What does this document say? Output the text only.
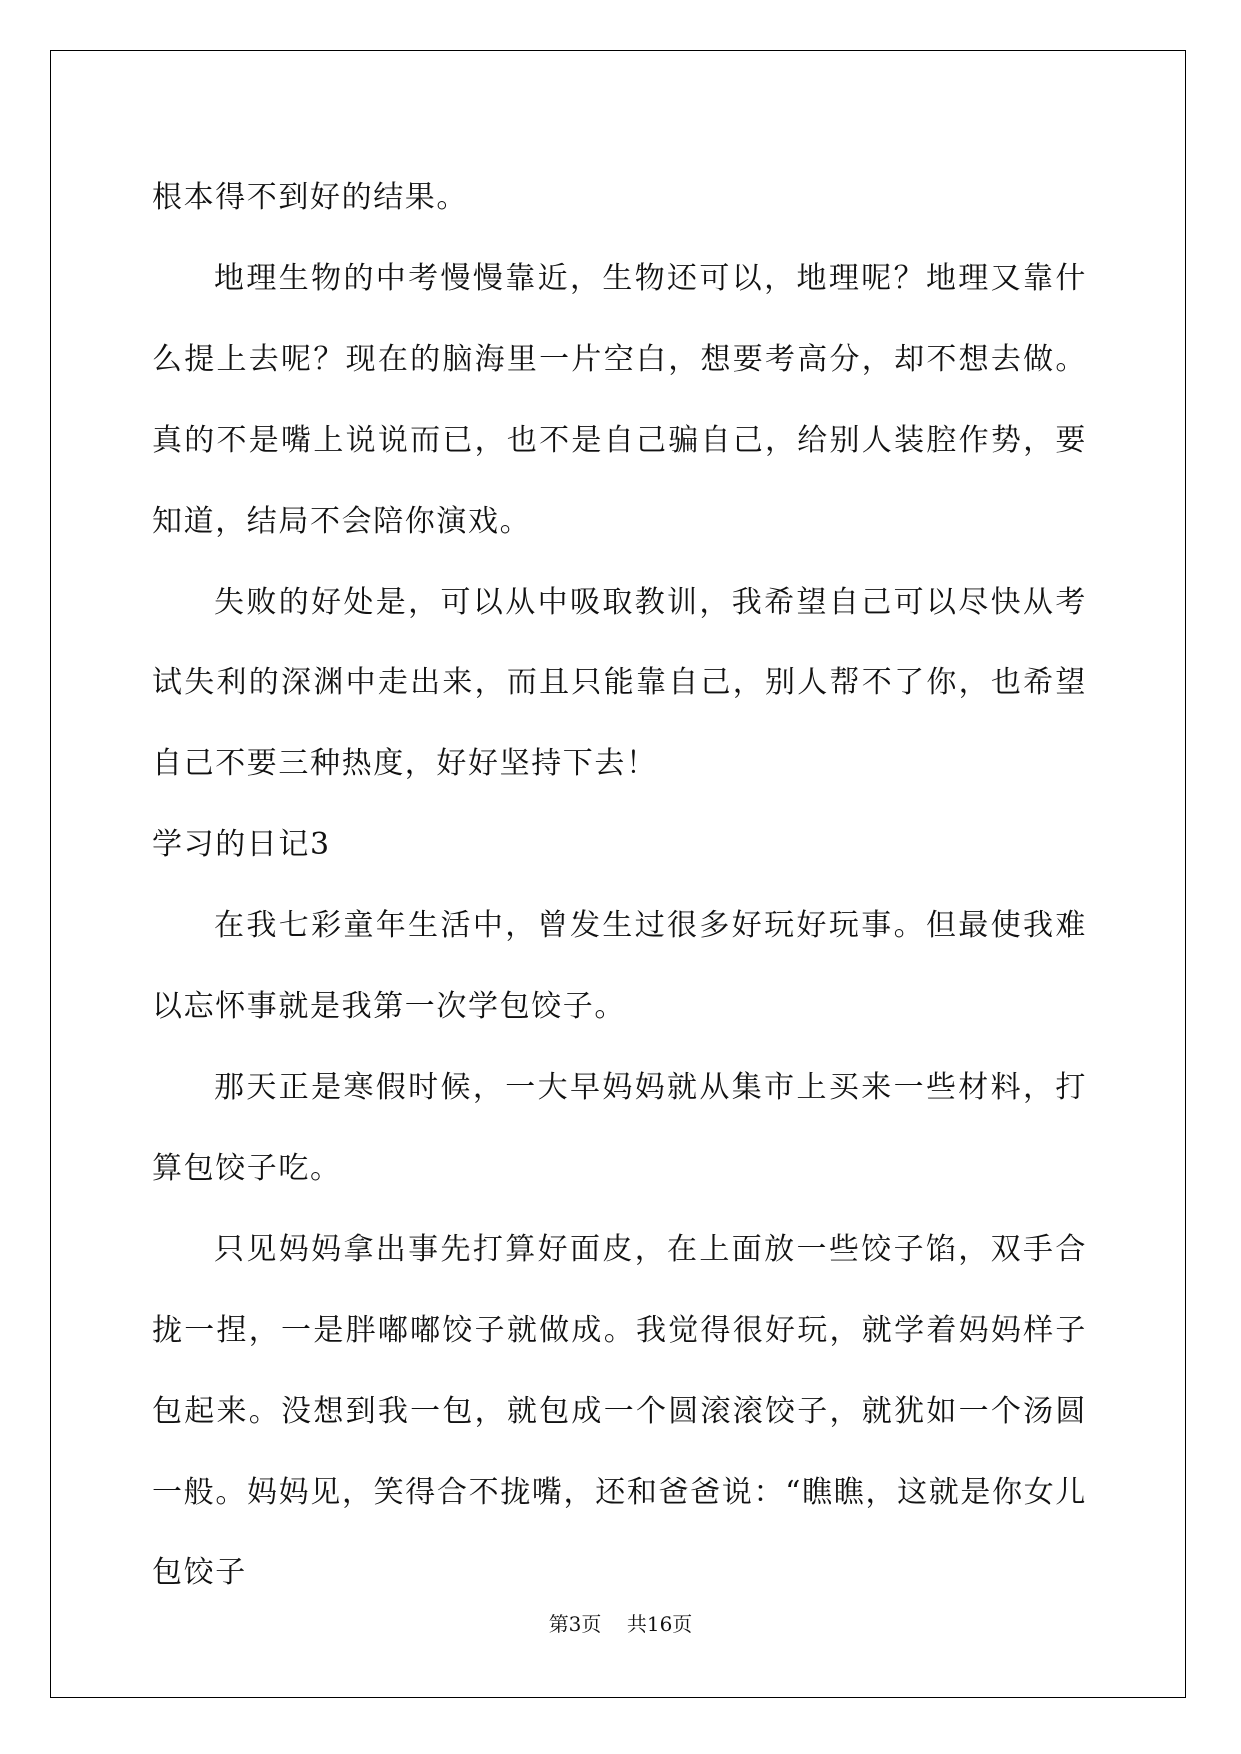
根本得不到好的结果。

地理生物的中考慢慢靠近，生物还可以，地理呢？地理又靠什么提上去呢？现在的脑海里一片空白，想要考高分，却不想去做。真的不是嘴上说说而已，也不是自己骗自己，给别人装腔作势，要知道，结局不会陪你演戏。

失败的好处是，可以从中吸取教训，我希望自己可以尽快从考试失利的深渊中走出来，而且只能靠自己，别人帮不了你，也希望自己不要三种热度，好好坚持下去！

学习的日记3

在我七彩童年生活中，曾发生过很多好玩好玩事。但最使我难以忘怀事就是我第一次学包饺子。

那天正是寒假时候，一大早妈妈就从集市上买来一些材料，打算包饺子吃。

只见妈妈拿出事先打算好面皮，在上面放一些饺子馅，双手合拢一捏，一是胖嘟嘟饺子就做成。我觉得很好玩，就学着妈妈样子包起来。没想到我一包，就包成一个圆滚滚饺子，就犹如一个汤圆一般。妈妈见，笑得合不拢嘴，还和爸爸说：“瞧瞧，这就是你女儿包饺子

第3页 共16页
